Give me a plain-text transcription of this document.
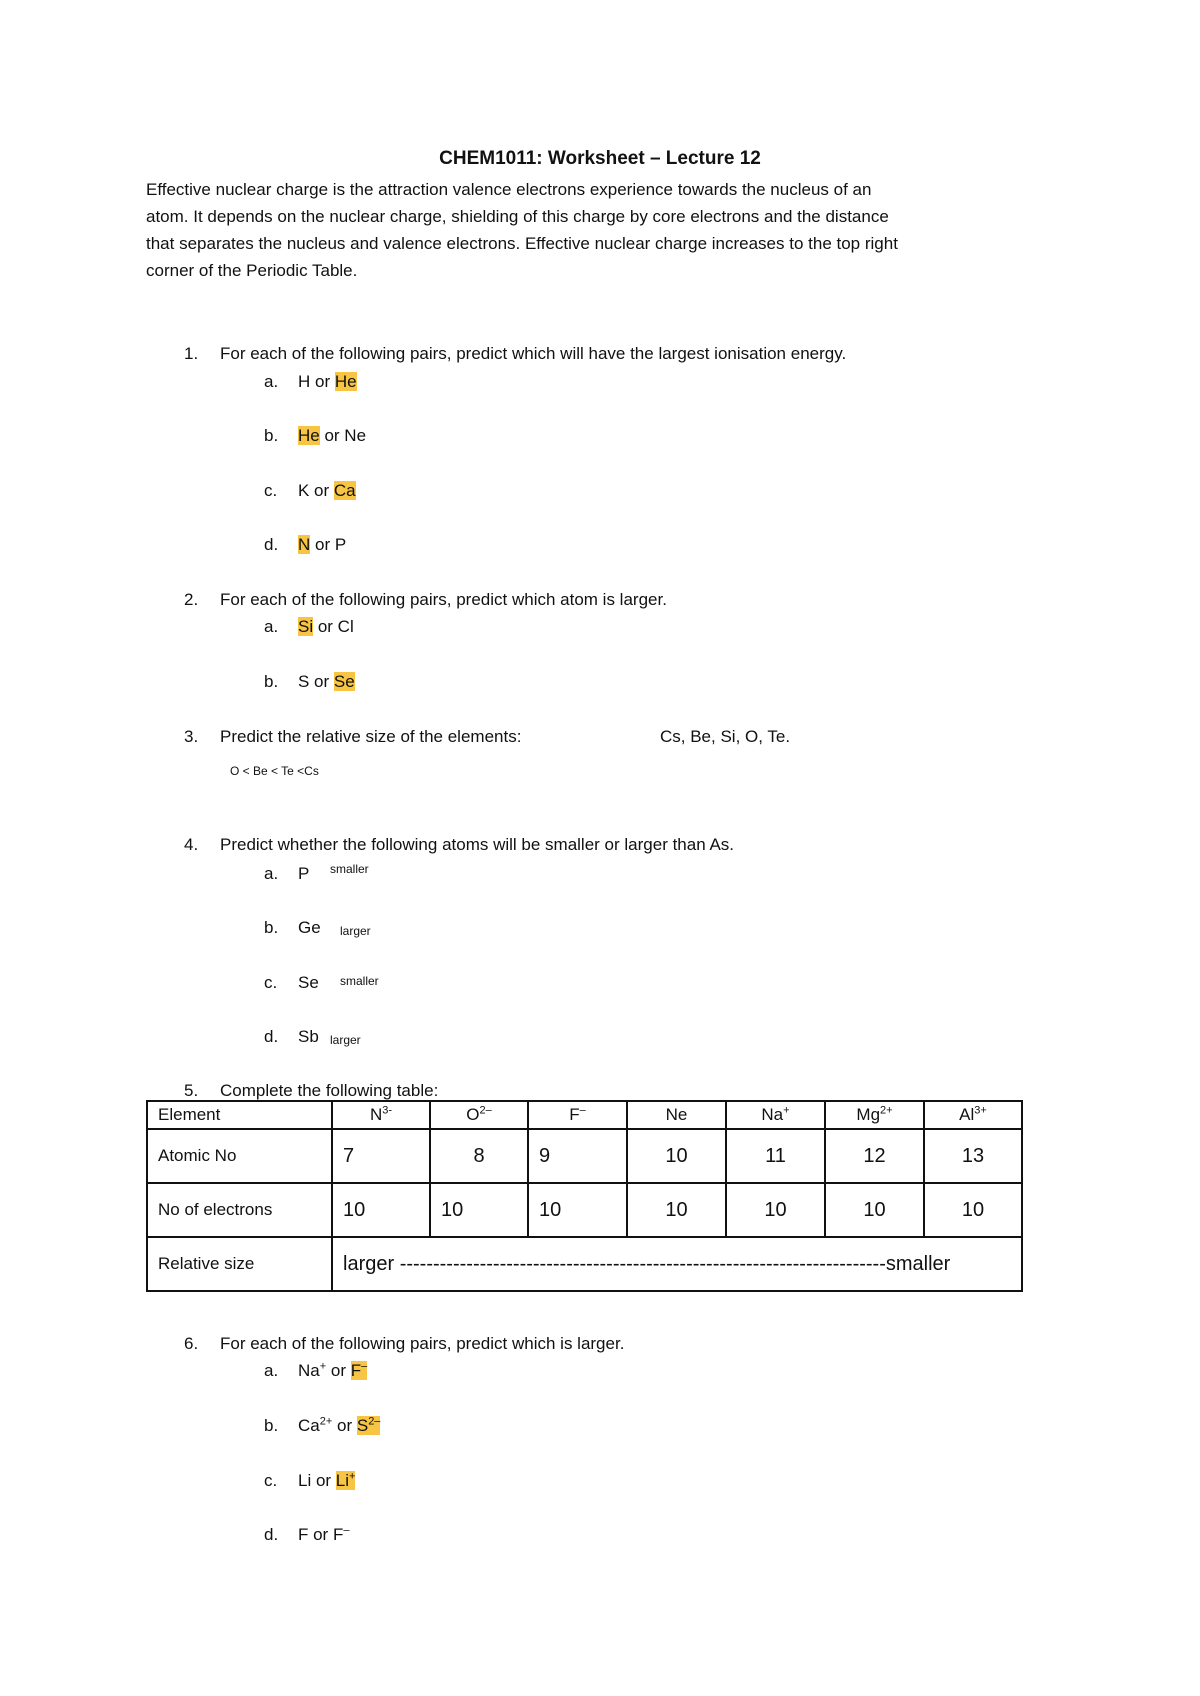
CHEM1011: Worksheet – Lecture 12
Effective nuclear charge is the attraction valence electrons experience towards the nucleus of an
atom. It depends on the nuclear charge, shielding of this charge by core electrons and the distance
that separates the nucleus and valence electrons. Effective nuclear charge increases to the top right
corner of the Periodic Table.
1. For each of the following pairs, predict which will have the largest ionisation energy.
a. H or He
b. He or Ne
c. K or Ca
d. N or P
2. For each of the following pairs, predict which atom is larger.
a. Si or Cl
b. S or Se
3. Predict the relative size of the elements:	Cs, Be, Si, O, Te.
O < Be < Te <Cs
4. Predict whether the following atoms will be smaller or larger than As.
a. P smaller
b. Ge larger
c. Se smaller
d. Sb larger
5. Complete the following table:
Element	$N^{3-}$	$O^{2-}$	F–	Ne	Na+	$Mg^{2+}$	$Al^{3+}$
Atomic No	7	8	9	10	11	12	13
No of electrons	10	10	10	10	10	10	10
Relative size	larger -------------------------------------------------------------------------smaller						
6. For each of the following pairs, predict which is larger.
a. Na+ or F–
b. $Ca^{2+}$ or $S^{2-}$
c. Li or Li+
d. F or F–
